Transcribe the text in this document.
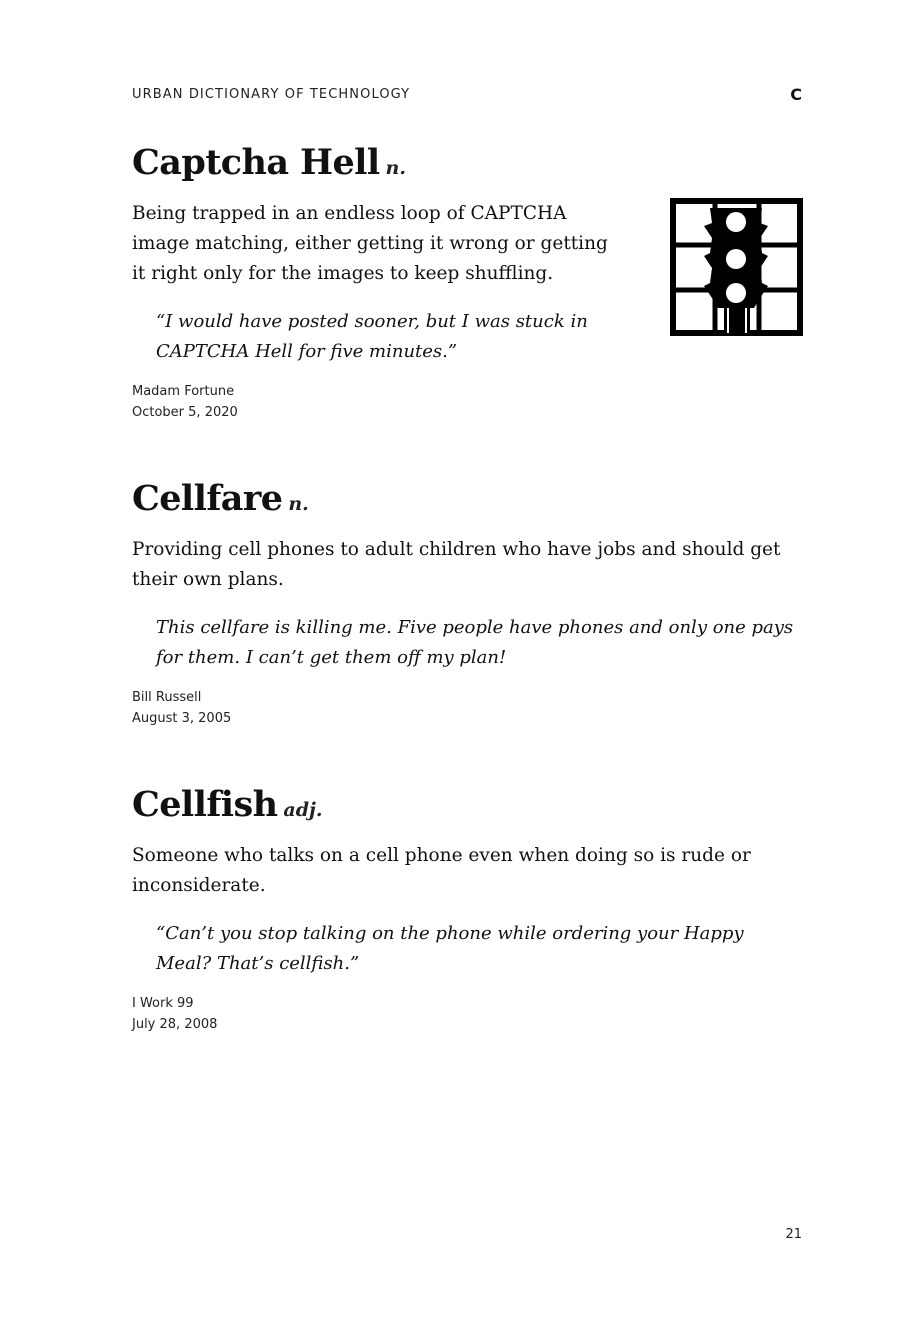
URBAN DICTIONARY OF TECHNOLOGY	C
Captcha Hell n.

Being trapped in an endless loop of CAPTCHA image matching, either getting it wrong or getting it right only for the images to keep shuffling.

“I would have posted sooner, but I was stuck in CAPTCHA Hell for five minutes.”

Madam Fortune
October 5, 2020
Cellfare n.

Providing cell phones to adult children who have jobs and should get their own plans.

This cellfare is killing me. Five people have phones and only one pays for them. I can’t get them off my plan!

Bill Russell
August 3, 2005
Cellfish adj.

Someone who talks on a cell phone even when doing so is rude or inconsiderate.

“Can’t you stop talking on the phone while ordering your Happy Meal? That’s cellfish.”

I Work 99
July 28, 2008
21
